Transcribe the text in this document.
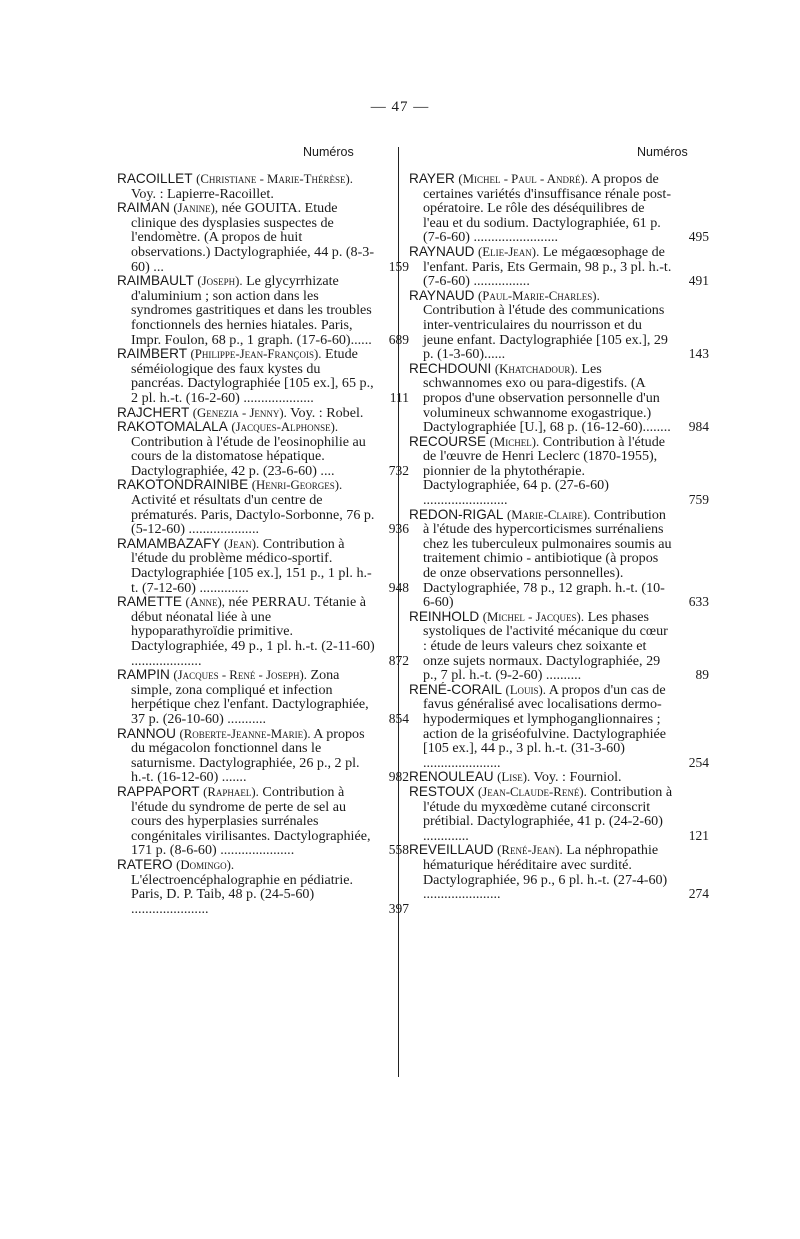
— 47 —
Numéros	Numéros
RACOILLET (Christiane - Marie-Thérèse). Voy. : Lapierre-Racoillet.
RAIMAN (Janine), née GOUITA. Etude clinique des dysplasies suspectes de l'endomètre. (A propos de huit observations.) Dactylographiée, 44 p. (8-3-60) ...	159
RAIMBAULT (Joseph). Le glycyrrhizate d'aluminium ; son action dans les syndromes gastritiques et dans les troubles fonctionnels des hernies hiatales. Paris, Impr. Foulon, 68 p., 1 graph. (17-6-60)...... 689
RAIMBERT (Philippe-Jean-François). Etude séméiologique des faux kystes du pancréas. Dactylographiée [105 ex.], 65 p., 2 pl. h.-t. (16-2-60) ....................	111
RAJCHERT (Genezia - Jenny). Voy. : Robel.
RAKOTOMALALA (Jacques-Alphonse). Contribution à l'étude de l'eosinophilie au cours de la distomatose hépatique. Dactylographiée, 42 p. (23-6-60) ....	732
RAKOTONDRAINIBE (Henri-Georges). Activité et résultats d'un centre de prématurés. Paris, Dactylo-Sorbonne, 76 p. (5-12-60) ....................	936
RAMAMBAZAFY (Jean). Contribution à l'étude du problème médico-sportif. Dactylographiée [105 ex.], 151 p., 1 pl. h.-t. (7-12-60) ..............	948
RAMETTE (Anne), née PERRAU. Tétanie à début néonatal liée à une hypoparathyroïdie primitive. Dactylographiée, 49 p., 1 pl. h.-t. (2-11-60) ....................	872
RAMPIN (Jacques - René - Joseph). Zona simple, zona compliqué et infection herpétique chez l'enfant. Dactylographiée, 37 p. (26-10-60) ...........	854
RANNOU (Roberte-Jeanne-Marie). A propos du mégacolon fonctionnel dans le saturnisme. Dactylographiée, 26 p., 2 pl. h.-t. (16-12-60) .......	982
RAPPAPORT (Raphael). Contribution à l'étude du syndrome de perte de sel au cours des hyperplasies surrénales congénitales virilisantes. Dactylographiée, 171 p. (8-6-60) .....................	558
RATERO (Domingo). L'électroencéphalographie en pédiatrie. Paris, D. P. Taib, 48 p. (24-5-60) ......................	397
RAYER (Michel - Paul - André). A propos de certaines variétés d'insuffisance rénale post-opératoire. Le rôle des déséquilibres de l'eau et du sodium. Dactylographiée, 61 p. (7-6-60) ........................	495
RAYNAUD (Elie-Jean). Le mégaœsophage de l'enfant. Paris, Ets Germain, 98 p., 3 pl. h.-t. (7-6-60) ................	491
RAYNAUD (Paul-Marie-Charles). Contribution à l'étude des communications inter-ventriculaires du nourrisson et du jeune enfant. Dactylographiée [105 ex.], 29 p. (1-3-60)......	143
RECHDOUNI (Khatchadour). Les schwannomes exo ou para-digestifs. (A propos d'une observation personnelle d'un volumineux schwannome exogastrique.) Dactylographiée [U.], 68 p. (16-12-60)........ 984
RECOURSE (Michel). Contribution à l'étude de l'œuvre de Henri Leclerc (1870-1955), pionnier de la phytothérapie. Dactylographiée, 64 p. (27-6-60) ........................	759
REDON-RIGAL (Marie-Claire). Contribution à l'étude des hypercorticismes surrénaliens chez les tuberculeux pulmonaires soumis au traitement chimio - antibiotique (à propos de onze observations personnelles). Dactylographiée, 78 p., 12 graph. h.-t. (10-6-60)	633
REINHOLD (Michel - Jacques). Les phases systoliques de l'activité mécanique du cœur : étude de leurs valeurs chez soixante et onze sujets normaux. Dactylographiée, 29 p., 7 pl. h.-t. (9-2-60) ..........	89
RENÉ-CORAIL (Louis). A propos d'un cas de favus généralisé avec localisations dermo-hypodermiques et lymphoganglionnaires ; action de la griséofulvine. Dactylographiée [105 ex.], 44 p., 3 pl. h.-t. (31-3-60) ......................	254
RENOULEAU (Lise). Voy. : Fourniol.
RESTOUX (Jean-Claude-René). Contribution à l'étude du myxœdème cutané circonscrit prétibial. Dactylographiée, 41 p. (24-2-60) .............	121
REVEILLAUD (René-Jean). La néphropathie hématurique héréditaire avec surdité. Dactylographiée, 96 p., 6 pl. h.-t. (27-4-60) ......................	274
